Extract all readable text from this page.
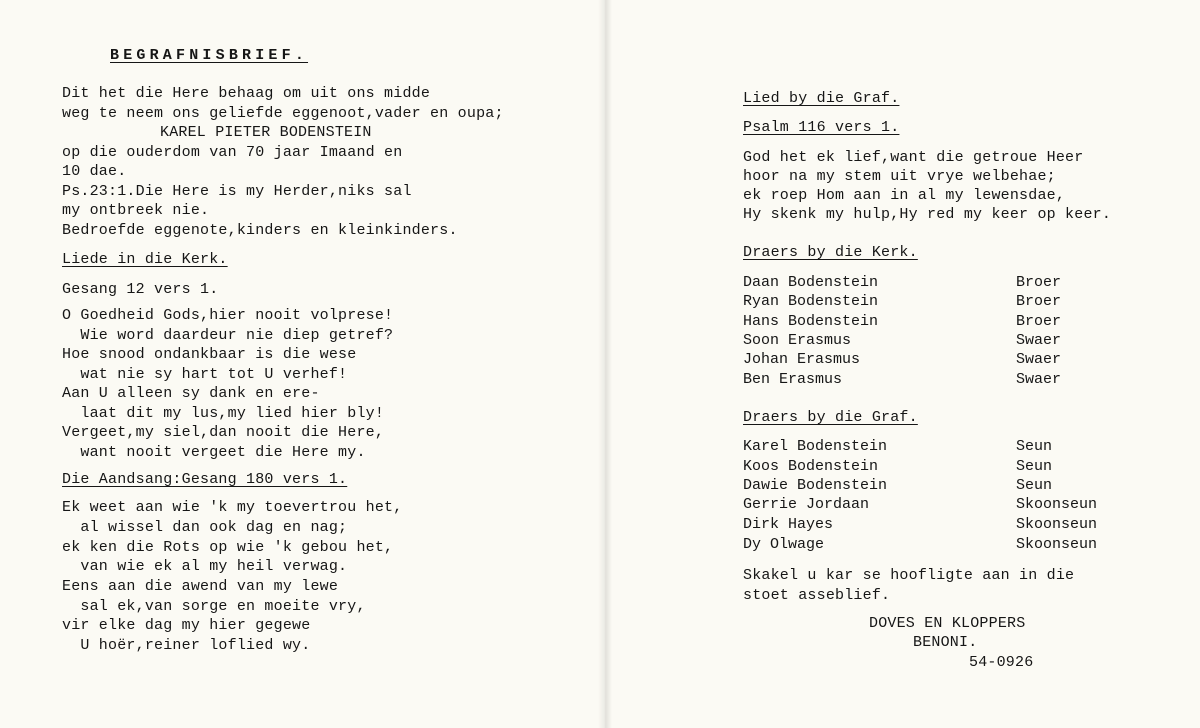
BEGRAFNISBRIEF.
Dit het die Here behaag om uit ons midde
weg te neem ons geliefde eggenoot,vader en oupa;
KAREL PIETER BODENSTEIN
op die ouderdom van 70 jaar Imaand en
10 dae.
Ps.23:1.Die Here is my Herder,niks sal
my ontbreek nie.
Bedroefde eggenote,kinders en kleinkinders.
Liede in die Kerk.
Gesang 12 vers 1.
O Goedheid Gods,hier nooit volprese!
Wie word daardeur nie diep getref?
Hoe snood ondankbaar is die wese
wat nie sy hart tot U verhef!
Aan U alleen sy dank en ere-
laat dit my lus,my lied hier bly!
Vergeet,my siel,dan nooit die Here,
want nooit vergeet die Here my.
Die Aandsang:Gesang 180 vers 1.
Ek weet aan wie 'k my toevertrou het,
al wissel dan ook dag en nag;
ek ken die Rots op wie 'k gebou het,
van wie ek al my heil verwag.
Eens aan die awend van my lewe
sal ek,van sorge en moeite vry,
vir elke dag my hier gegewe
U hoër,reiner loflied wy.
Lied by die Graf.
Psalm 116 vers 1.
God het ek lief,want die getroue Heer
hoor na my stem uit vrye welbehae;
ek roep Hom aan in al my lewensdae,
Hy skenk my hulp,Hy red my keer op keer.
Draers by die Kerk.
Daan Bodenstein	Broer
Ryan Bodenstein	Broer
Hans Bodenstein	Broer
Soon Erasmus	Swaer
Johan Erasmus	Swaer
Ben Erasmus	Swaer
Draers by die Graf.
Karel Bodenstein	Seun
Koos Bodenstein	Seun
Dawie Bodenstein	Seun
Gerrie Jordaan	Skoonseun
Dirk Hayes	Skoonseun
Dy Olwage	Skoonseun
Skakel u kar se hoofligte aan in die
stoet asseblief.
DOVES EN KLOPPERS
BENONI.
54-0926
